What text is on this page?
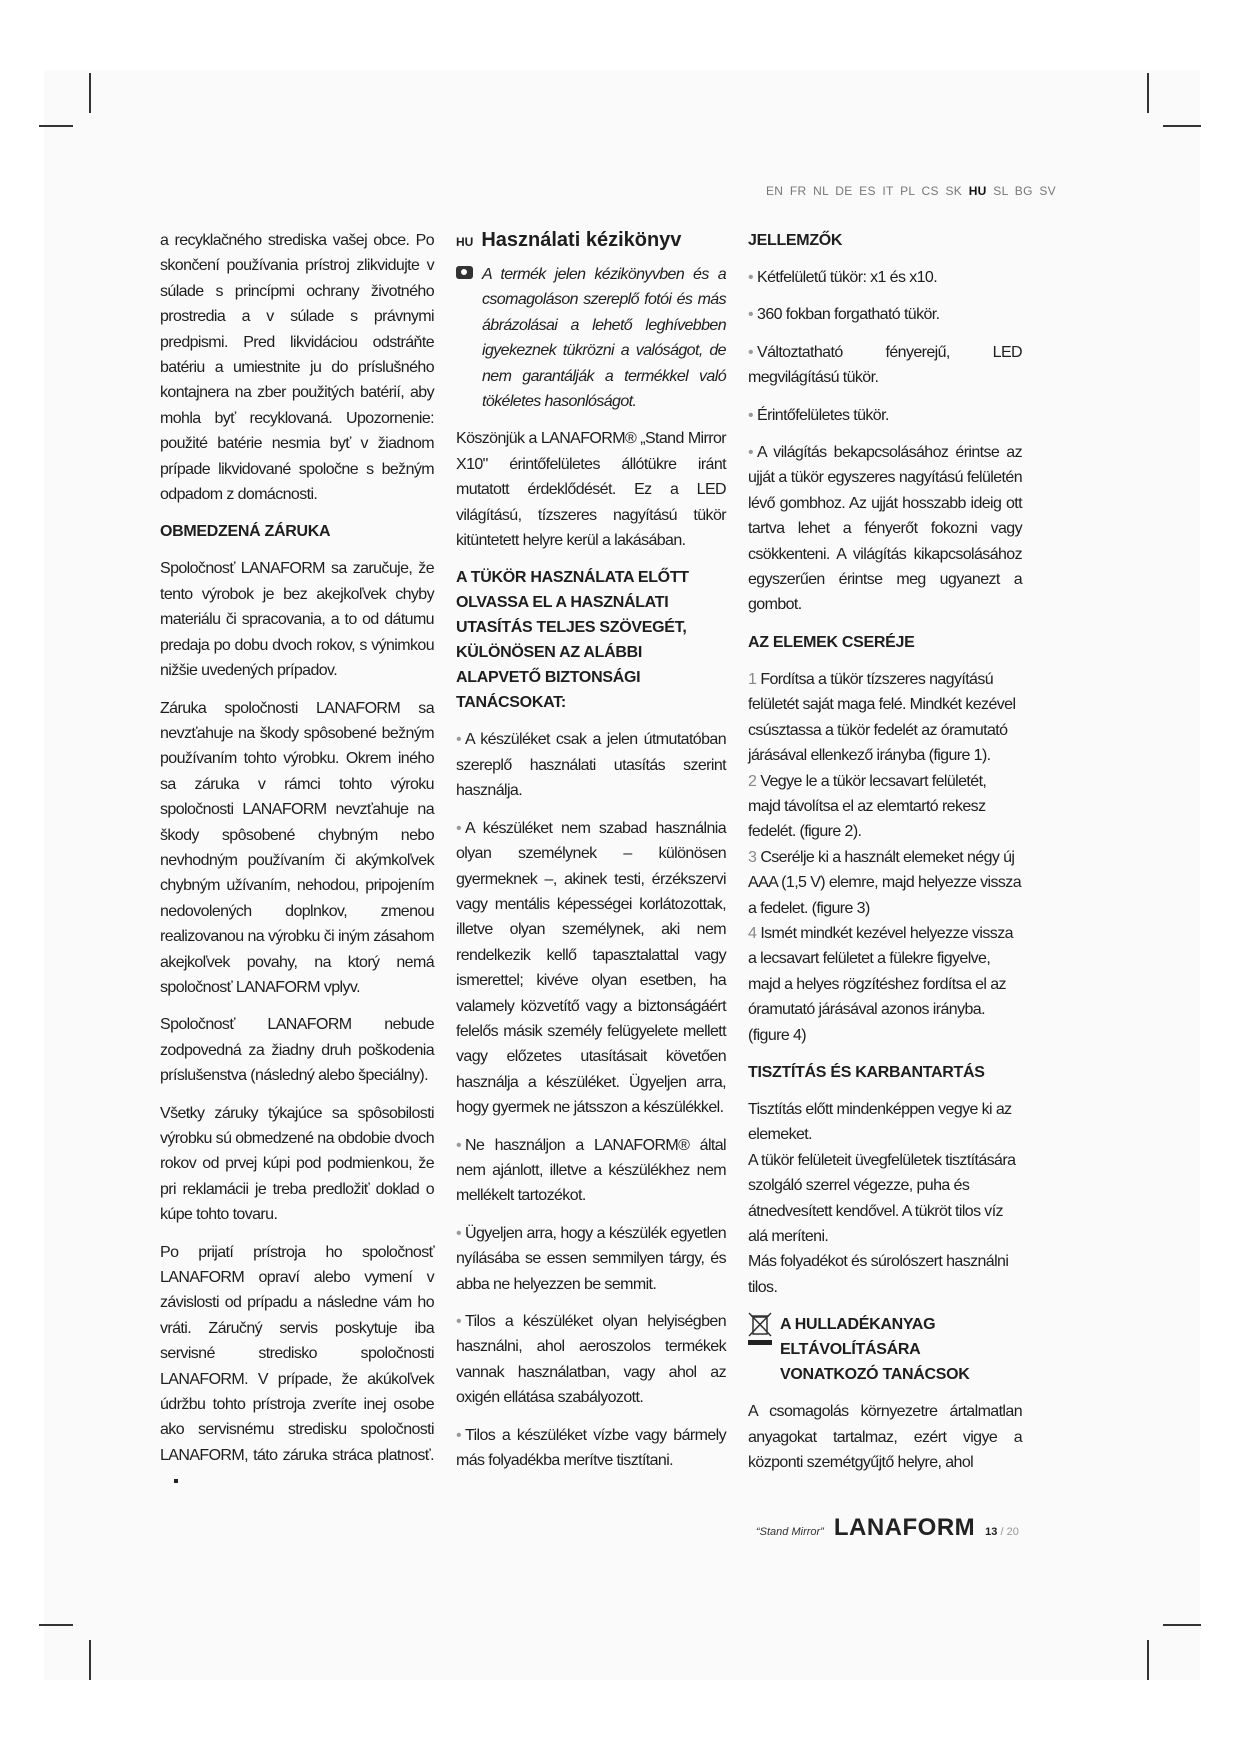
EN FR NL DE ES IT PL CS SK HU SL BG SV

a recyklačného strediska vašej obce. Po skončení používania prístroj zlikvidujte v súlade s princípmi ochrany životného prostredia a v súlade s právnymi predpismi. Pred likvidáciou odstráňte batériu a umiestnite ju do príslušného kontajnera na zber použitých batérií, aby mohla byť recyklovaná. Upozornenie: použité batérie nesmia byť v žiadnom prípade likvidované spoločne s bežným odpadom z domácnosti.

OBMEDZENÁ ZÁRUKA

Spoločnosť LANAFORM sa zaručuje, že tento výrobok je bez akejkoľvek chyby materiálu či spracovania, a to od dátumu predaja po dobu dvoch rokov, s výnimkou nižšie uvedených prípadov.

Záruka spoločnosti LANAFORM sa nevzťahuje na škody spôsobené bežným používaním tohto výrobku. Okrem iného sa záruka v rámci tohto výroku spoločnosti LANAFORM nevzťahuje na škody spôsobené chybným nebo nevhodným používaním či akýmkoľvek chybným užívaním, nehodou, pripojením nedovolených doplnkov, zmenou realizovanou na výrobku či iným zásahom akejkoľvek povahy, na ktorý nemá spoločnosť LANAFORM vplyv.

Spoločnosť LANAFORM nebude zodpovedná za žiadny druh poškodenia príslušenstva (následný alebo špeciálny).

Všetky záruky týkajúce sa spôsobilosti výrobku sú obmedzené na obdobie dvoch rokov od prvej kúpi pod podmienkou, že pri reklamácii je treba predložiť doklad o kúpe tohto tovaru.

Po prijatí prístroja ho spoločnosť LANAFORM opraví alebo vymení v závislosti od prípadu a následne vám ho vráti. Záručný servis poskytuje iba servisné stredisko spoločnosti LANAFORM. V prípade, že akúkoľvek údržbu tohto prístroja zveríte inej osobe ako servisnému stredisku spoločnosti LANAFORM, táto záruka stráca platnosť.

HU Használati kézikönyv

A termék jelen kézikönyvben és a csomagoláson szereplő fotói és más ábrázolásai a lehető leghívebben igyekeznek tükrözni a valóságot, de nem garantálják a termékkel való tökéletes hasonlóságot.

Köszönjük a LANAFORM® „Stand Mirror X10" érintőfelületes állótükre iránt mutatott érdeklődését. Ez a LED világítású, tízszeres nagyítású tükör kitüntetett helyre kerül a lakásában.

A TÜKÖR HASZNÁLATA ELŐTT OLVASSA EL A HASZNÁLATI UTASÍTÁS TELJES SZÖVEGÉT, KÜLÖNÖSEN AZ ALÁBBI ALAPVETŐ BIZTONSÁGI TANÁCSOKAT:

• A készüléket csak a jelen útmutatóban szereplő használati utasítás szerint használja.

• A készüléket nem szabad használnia olyan személynek – különösen gyermeknek –, akinek testi, érzékszervi vagy mentális képességei korlátozottak, illetve olyan személynek, aki nem rendelkezik kellő tapasztalattal vagy ismerettel; kivéve olyan esetben, ha valamely közvetítő vagy a biztonságáért felelős másik személy felügyelete mellett vagy előzetes utasításait követően használja a készüléket. Ügyeljen arra, hogy gyermek ne játsszon a készülékkel.

• Ne használjon a LANAFORM® által nem ajánlott, illetve a készülékhez nem mellékelt tartozékot.

• Ügyeljen arra, hogy a készülék egyetlen nyílásába se essen semmilyen tárgy, és abba ne helyezzen be semmit.

• Tilos a készüléket olyan helyiségben használni, ahol aeroszolos termékek vannak használatban, vagy ahol az oxigén ellátása szabályozott.

• Tilos a készüléket vízbe vagy bármely más folyadékba merítve tisztítani.

JELLEMZŐK

• Kétfelületű tükör: x1 és x10.

• 360 fokban forgatható tükör.

• Változtatható fényerejű, LED megvilágítású tükör.

• Érintőfelületes tükör.

• A világítás bekapcsolásához érintse az ujját a tükör egyszeres nagyítású felületén lévő gombhoz. Az ujját hosszabb ideig ott tartva lehet a fényerőt fokozni vagy csökkenteni. A világítás kikapcsolásához egyszerűen érintse meg ugyanezt a gombot.

AZ ELEMEK CSERÉJE

1 Fordítsa a tükör tízszeres nagyítású felületét saját maga felé. Mindkét kezével csúsztassa a tükör fedelét az óramutató járásával ellenkező irányba (figure 1).

2 Vegye le a tükör lecsavart felületét, majd távolítsa el az elemtartó rekesz fedelét. (figure 2).

3 Cserélje ki a használt elemeket négy új AAA (1,5 V) elemre, majd helyezze vissza a fedelet. (figure 3)

4 Ismét mindkét kezével helyezze vissza a lecsavart felületet a fülekre figyelve, majd a helyes rögzítéshez fordítsa el az óramutató járásával azonos irányba. (figure 4)

TISZTÍTÁS ÉS KARBANTARTÁS

Tisztítás előtt mindenképpen vegye ki az elemeket.

A tükör felületeit üvegfelületek tisztítására szolgáló szerrel végezze, puha és átnedvesített kendővel. A tükröt tilos víz alá meríteni.

Más folyadékot és súrolószert használni tilos.

A HULLADÉKANYAG ELTÁVOLÍTÁSÁRA VONATKOZÓ TANÁCSOK

A csomagolás környezetre ártalmatlan anyagokat tartalmaz, ezért vigye a központi szemétgyűjtő helyre, ahol

“Stand Mirror” LANAFORM 13 / 20
